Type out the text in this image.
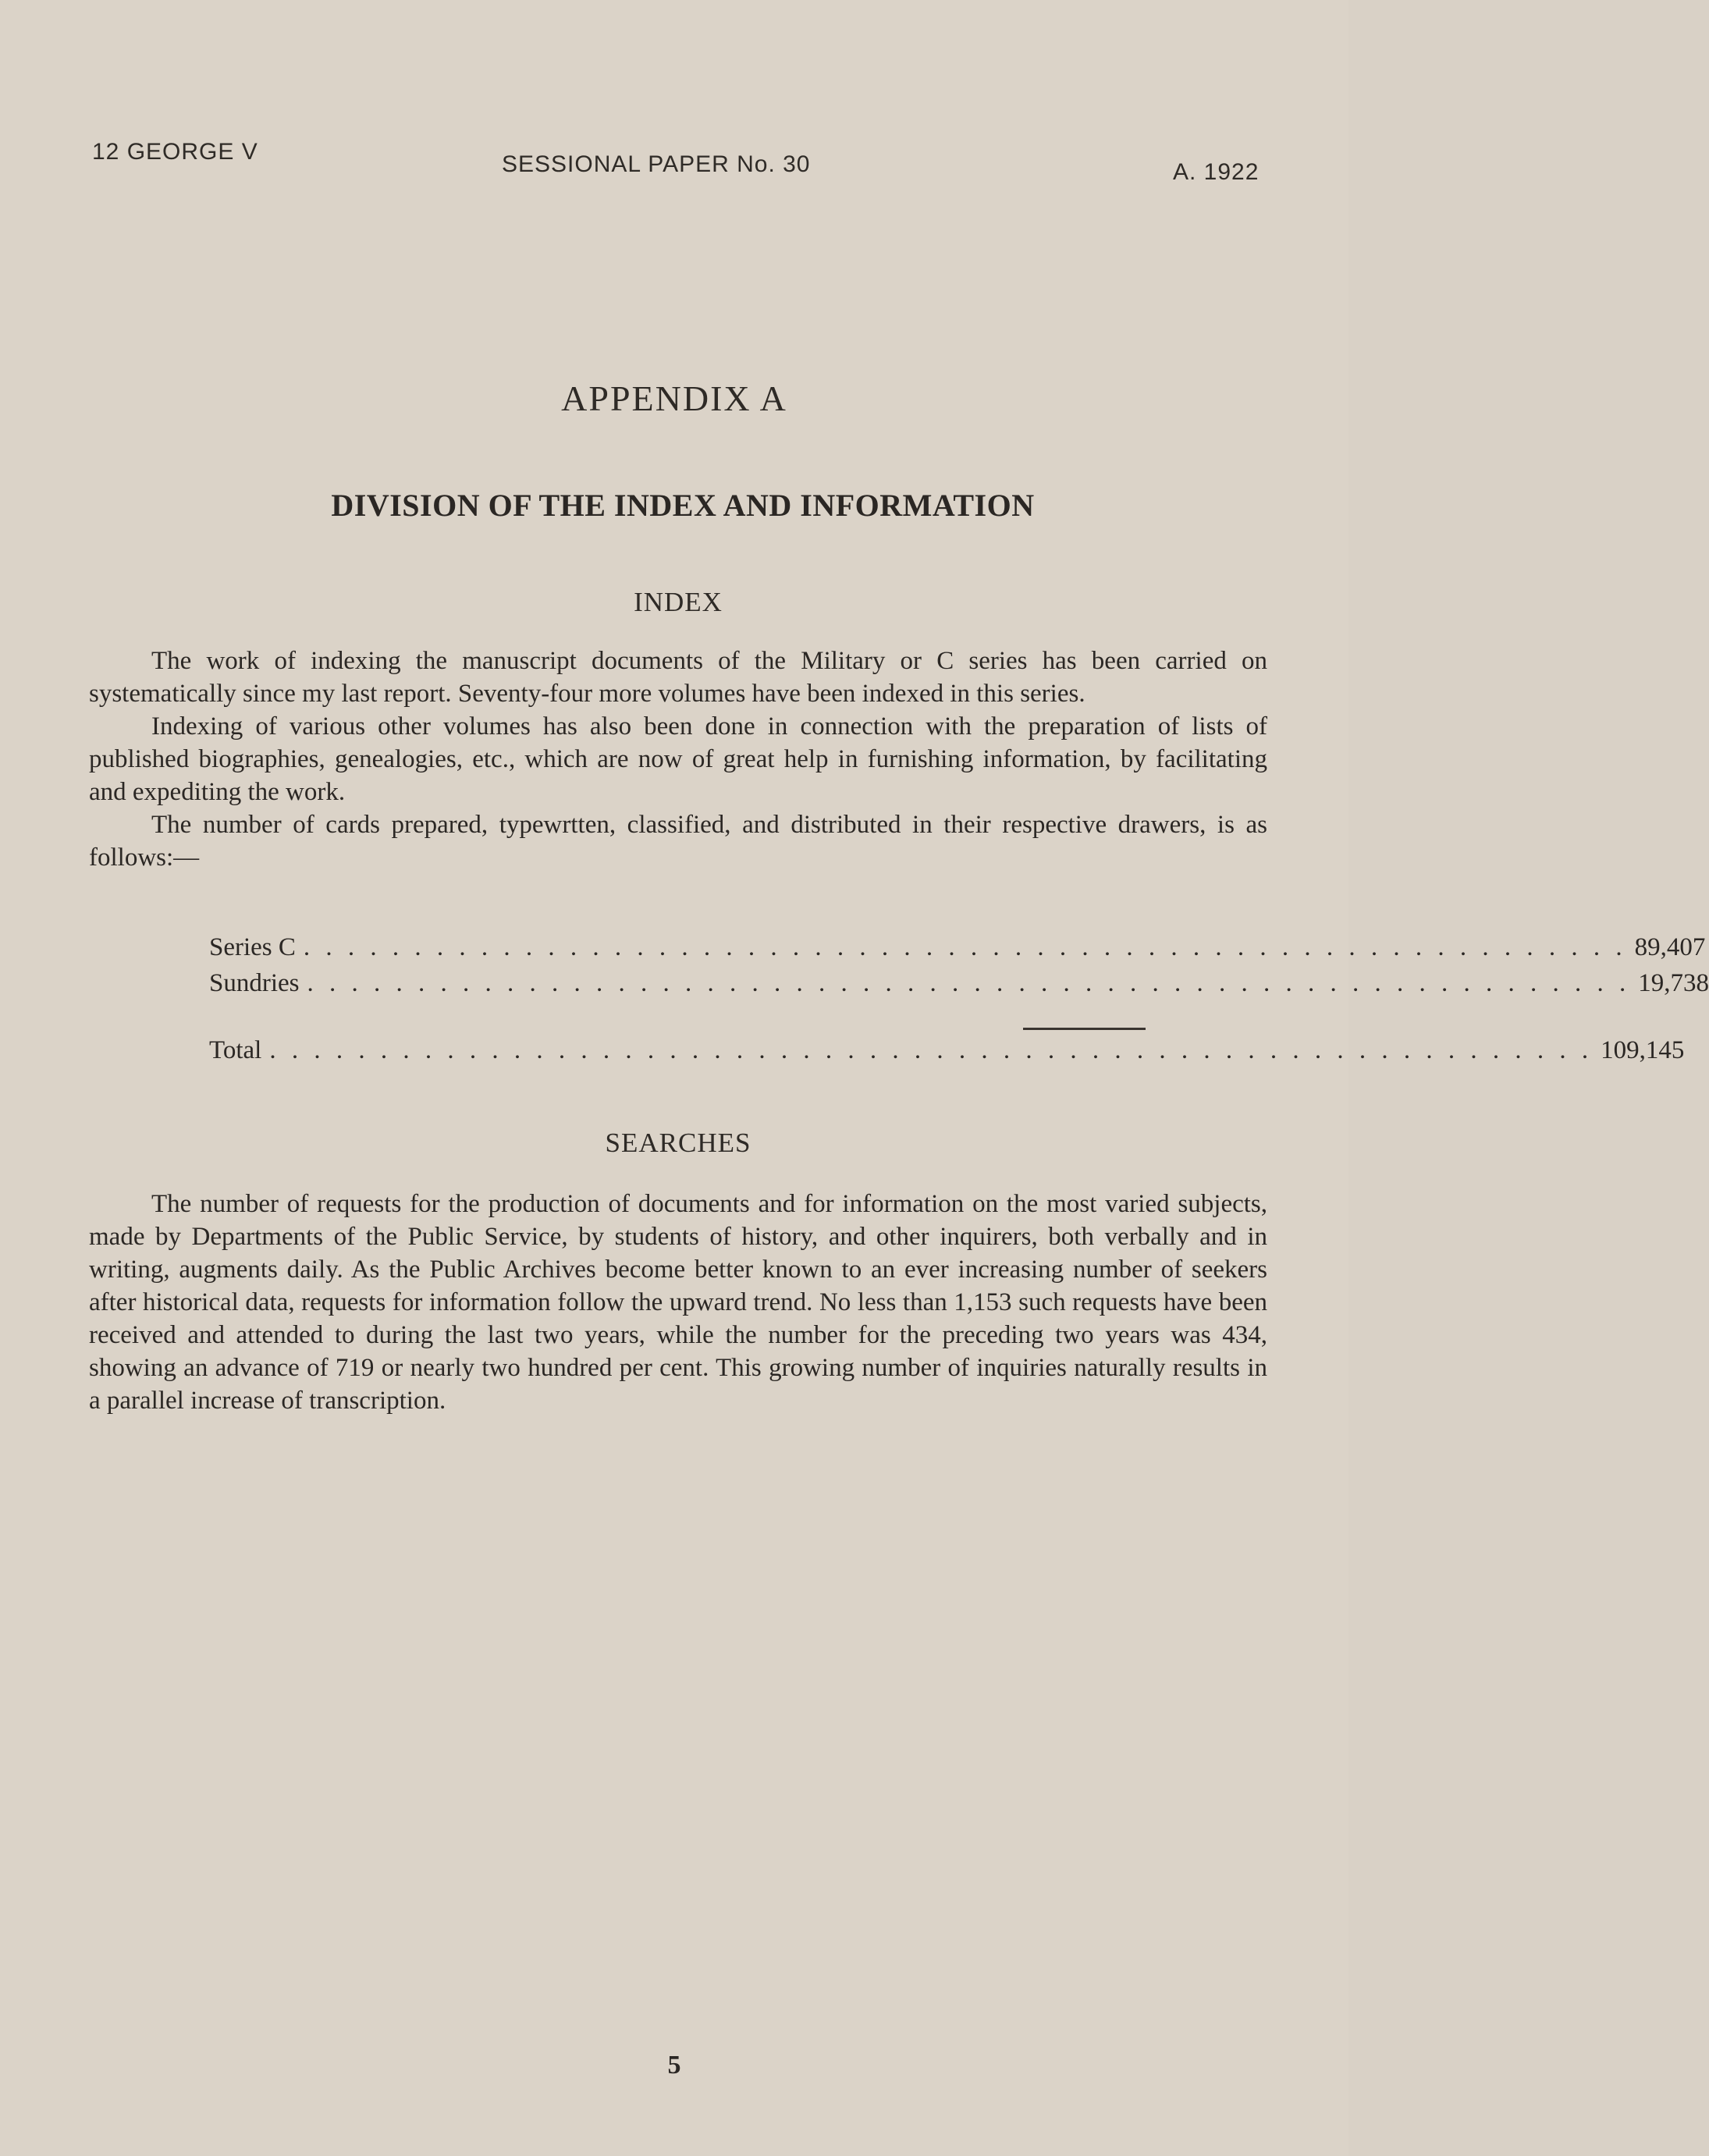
12 GEORGE V	SESSIONAL PAPER No. 30	A. 1922
APPENDIX A
DIVISION OF THE INDEX AND INFORMATION
INDEX

The work of indexing the manuscript documents of the Military or C series has been carried on systematically since my last report. Seventy-four more volumes have been indexed in this series.

Indexing of various other volumes has also been done in connection with the preparation of lists of published biographies, genealogies, etc., which are now of great help in furnishing information, by facilitating and expediting the work.

The number of cards prepared, typewrtten, classified, and distributed in their respective drawers, is as follows:—

Series C . . . . . . . . . . . . . . . . . . . . . . . . . . . . . . . . . . . . . . . . . . . . . . . . . . . . . . . . . . . . 89,407
Sundries . . . . . . . . . . . . . . . . . . . . . . . . . . . . . . . . . . . . . . . . . . . . . . . . . . . . . . . . . . . . 19,738
Total . . . . . . . . . . . . . . . . . . . . . . . . . . . . . . . . . . . . . . . . . . . . . . . . . . . . . . . . . . . . 109,145
SEARCHES

The number of requests for the production of documents and for information on the most varied subjects, made by Departments of the Public Service, by students of history, and other inquirers, both verbally and in writing, augments daily. As the Public Archives become better known to an ever increasing number of seekers after historical data, requests for information follow the upward trend. No less than 1,153 such requests have been received and attended to during the last two years, while the number for the preceding two years was 434, showing an advance of 719 or nearly two hundred per cent. This growing number of inquiries naturally results in a parallel increase of transcription.

5
